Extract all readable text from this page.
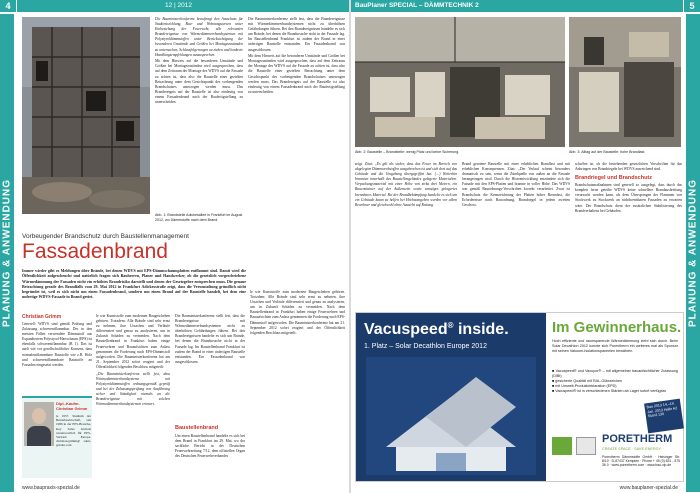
4	12 | 2012
PLANUNG & ANWENDUNG

Die Bauministerkonferenz beauftragt den Ausschuss für Stadtentwicklung, Bau- und Wohnungswesen unter Einbeziehung der Feuerwehr, alle relevanten Brandereignisse von Wärmedämmverbundsystemen mit Polystyroldämmstoffen unter Berücksichtigung der besonderen Umstände und Größen bei Montagezuständen zu untersuchen, Schlussfolgerungen zu ziehen und konkrete Handlungsempfehlungen auszusprechen.

Mit dem Hinweis auf die besonderen Umstände und Größen bei Montagezuständen wird ausgesprochen, dass auf dem Zeitraum der Montage des WDVS auf die Fassade zu achten ist, dass also die Baustelle einer gezielten Betrachtung unter dem Gesichtspunkt des vorbeugenden Brandschutzes unterzogen werden muss. Das Brandereignis auf der Baustelle ist also eindeutig von einem Fassadenbrand nach der Baufertigstellung zu unterscheiden.

Die Bauministerkonferenz stellt fest, dass die Brandereignisse mit Wärmedämmverbundsystemen nicht zu überhöhten Gefährdungen führen. Bei den Brandereignissen handelte es sich um Brände, bei denen die Brandursache nicht in der Fassade lag. Im Baustellenbrand Frankfurt ist zudem der Brand in einer unfertigen Baustelle entstanden. Ein Fassadenbrand war ausgeschlossen.

Mit dem Hinweis auf die besonderen Umstände und Größen bei Montagezuständen wird ausgesprochen, dass auf dem Zeitraum der Montage des WDVS auf die Fassade zu achten ist, dass also die Baustelle einer gezielten Betrachtung unter dem Gesichtspunkt des vorbeugenden Brandschutzes unterzogen werden muss. Das Brandereignis auf der Baustelle ist also eindeutig von einem Fassadenbrand nach der Baufertigstellung zu unterscheiden.

Abb. 1: Brandstelle Adickesallee in Frankfurt im August 2012, wo Dämmstoffe nach dem Brand.
Vorbeugender Brandschutz durch Baustellenmanagement
Fassadenbrand
Immer wieder gibt es Meldungen über Brände, bei denen WDVS mit EPS-Dämmschaumplatten entflammt sind. Damit wird die Öffentlichkeit aufgescheucht und natürlich fragen sich Bauherren, Planer und Handwerker, ob die gesetzlich vorgeschriebene Wärmedämmung der Fassaden nicht ein erhöhtes Brandrisiko darstellt und denen der Gesetzgeber entsprechen muss. Die genaue Betrachtung gerade des Brandfalls vom 29. Mai 2012 in Frankfurt Adickesstraße zeigt, dass die Verunstaltung gründlich nicht begründet ist, weil es sich nicht um einen Fassadenbrand, sondern um einen Brand auf der Baustelle handelt, bei dem eine unfertige WDVS-Fassade in Brand geriet.
Christian Grimm
Generell: WDVS sind gemäß Prüfung und Zulassung schwerentflammbar. Der in den meisten Fällen verwendete Dämmstoff aus Expandiertem Polystyrol-Hartschaum (EPS) ist ebenfalls schwerentflammbar (B 1). Das ist auch wie vor gesellschaftlicher Konsens, dass normalentflammbare Baustoffe wie z.B. Holz und schwerentflammbare Baustoffe an Fassaden eingesetzt werden.
Dipl.-Kaufm. Christian Grimm
ja 1957. Studium der Betriebswirtschaft, seit 1986 in der EPS-Branche, Key Sales Globals verantwortlich für EPS-Vertrieb Europa. christian.grimm@ saint-gobain.com

le wie Kunststoffe zum modernen Baugeschehen gehören. Trotzdem: Alle Brände sind sehr ernst zu nehmen, ihre Ursachen und Verläufe differenziert und genau zu analysieren, um in Zukunft Schäden zu vermeiden. Nach dem Baustellenbrand in Frankfurt haben einige Feuerwehren und Bauaufsichten zum Anlass genommen die Forderung nach EPS-Dämmstoff aufgeworfen. Die Bauministerkonferenz hat am 21. September 2012 sofort reagiert und der Öffentlichkeit folgenden Beschluss mitgeteilt:

„Die Bauministerkonferenz stellt fest, dass Wärmedämmverbundsysteme mit Polystyroldämmstoffen ordnungsgemäß geprüft und bei der Zulassungsprüfung von Ausführung sicher und Ständigkeit niemals an die Brandereignisse mit solchen Wärmedämmverbundsystemen erinnert.

Die Bauministerkonferenz stellt fest, dass die Brandereignisse mit Wärmedämmverbundsystemen nicht zu überhöhten Gefährdungen führen. Bei den Brandereignissen handelte es sich um Brände, bei denen die Brandursache nicht in der Fassade lag. Im Baustellenbrand Frankfurt ist zudem der Brand in einer unfertigen Baustelle entstanden. Ein Fassadenbrand war ausgeschlossen.
Baustellenbrand
Um einen Baustellenbrand handelte es sich bei dem Brand in Frankfurt im 29. Mai, wo der sachliche Bericht in der Deutschen Feuerwehrzeitung 7/12, dem offiziellen Organ des Deutschen Feuerwehrverbandes

le wie Kunststoffe zum modernen Baugeschehen gehören. Trotzdem: Alle Brände sind sehr ernst zu nehmen, ihre Ursachen und Verläufe differenziert und genau zu analysieren, um in Zukunft Schäden zu vermeiden. Nach dem Baustellenbrand in Frankfurt haben einige Feuerwehren und Bauaufsichten zum Anlass genommen die Forderung nach EPS-Dämmstoff aufgeworfen. Die Bauministerkonferenz hat am 21. September 2012 sofort reagiert und der Öffentlichkeit folgenden Beschluss mitgeteilt:

www.baupraxis-spezial.de
BauPlaner SPECIAL – DÄMMTECHNIK 2	5
PLANUNG & ANWENDUNG
Abb. 2: Baustelle – Brandstelle: wenig Platz und keine Sicherung.	Abb. 3: Alltag auf der Baustelle: hohe Brandlast.
zeigt. Zitat: „Es gilt als sicher, dass das Feuer im Bereich von abgelegten Dämmwerkstoffen ausgebrochen ist und sich dort auf das Gebäude und die Umgebung übergegriffen hat. (…) Weiterhin brannten innerhalb des Baustellengeländes gelagerte Materialien. Verpackungsmaterial mit einer Höhe von zirka drei Metern, ein Baucontainer auf der Außenseite sowie sonstiges gelagertes brennbares Material. Bei der Brandbekämpfung handelte es sich um ein Gebäude kaum zu helfen bei Höchstangeben werden vor allem Bewohner und gleichwohl ohne Aussicht auf Rettung.
Brand geratene Baustelle mit einer erheblichen Brandlast und mit erheblichen Konsequenzen. Zitat: „Der Verlauf scheint besonders dramatisch zu sein, wenn die Zündquelle von außen an die Fassade herangetragen wird. Durch die Hitzeentwicklung entzündete sich die Fassade mit den EPS-Platten und brannte in voller Höhe. Das WDVS war gemäß Bauordnungs-Vorschriften korrekt verarbeitet. Zwar ist Brandschutz die Kennzeichnung der Platten hoher Brennlast, die Erfordernisse nach Bauordnung, Brandriegel in jedem zweiten Geschoss.

schaffen ist, ob die bestehenden gesetzlichen Vorschriften für das Anbringen von Brandriegeln bei WDVS ausreichend sind.

Brandriegel und Brandschutz

Brandschutzmaßnahmen sind generell so ausgelegt, dass durch das komplett ferne geteilte WDVS keine schnellere Brandausbreitung verursacht werden kann, als dem Überspringen der Flammen von Stockwerk zu Stockwerk an nichtbrennbaren Fassaden zu erwarten wäre. Der Brandschutz dient der zusätzlichen Stabilisierung des Brandverhaltens bei Gebäuden.

Vacuspeed® inside.
1. Platz – Solar Decathlon Europe 2012
Im Gewinnerhaus.
Hoch effiziente und raumsparende Wärmedämmung zieht sich durch. Beim Solar Decathlon 2012 konnte sich Porextherm ein weiteres mal als Sponsor mit seinen Vakuum-Isolationspaneelen bewähren.
■ Vacuspeed® und Vacupor® – mit allgemeiner bauaufsichtlicher Zulassung (DIBt)
■ gesicherte Qualität mit RAL-Gütezeichen
■ mit Umwelt-Produktdeklaration (EPD)
■ Vacuspeed® ist in verschiedenen Stärken ab Lager sofort verfügbar
Bau 2013 14.–19. Jan. 2013 Halle A2 Stand 130
PORETHERM
CREATE SPACE · SAVE ENERGY
Porextherm Dämmstoffe GmbH · Heisinger Str. 8/10 · D-87437 Kempten · Phone + 49 (0) 831 - 575 36 0 · www.porextherm.com · www.bau-vip.de
www.bauplaner-spezial.de
